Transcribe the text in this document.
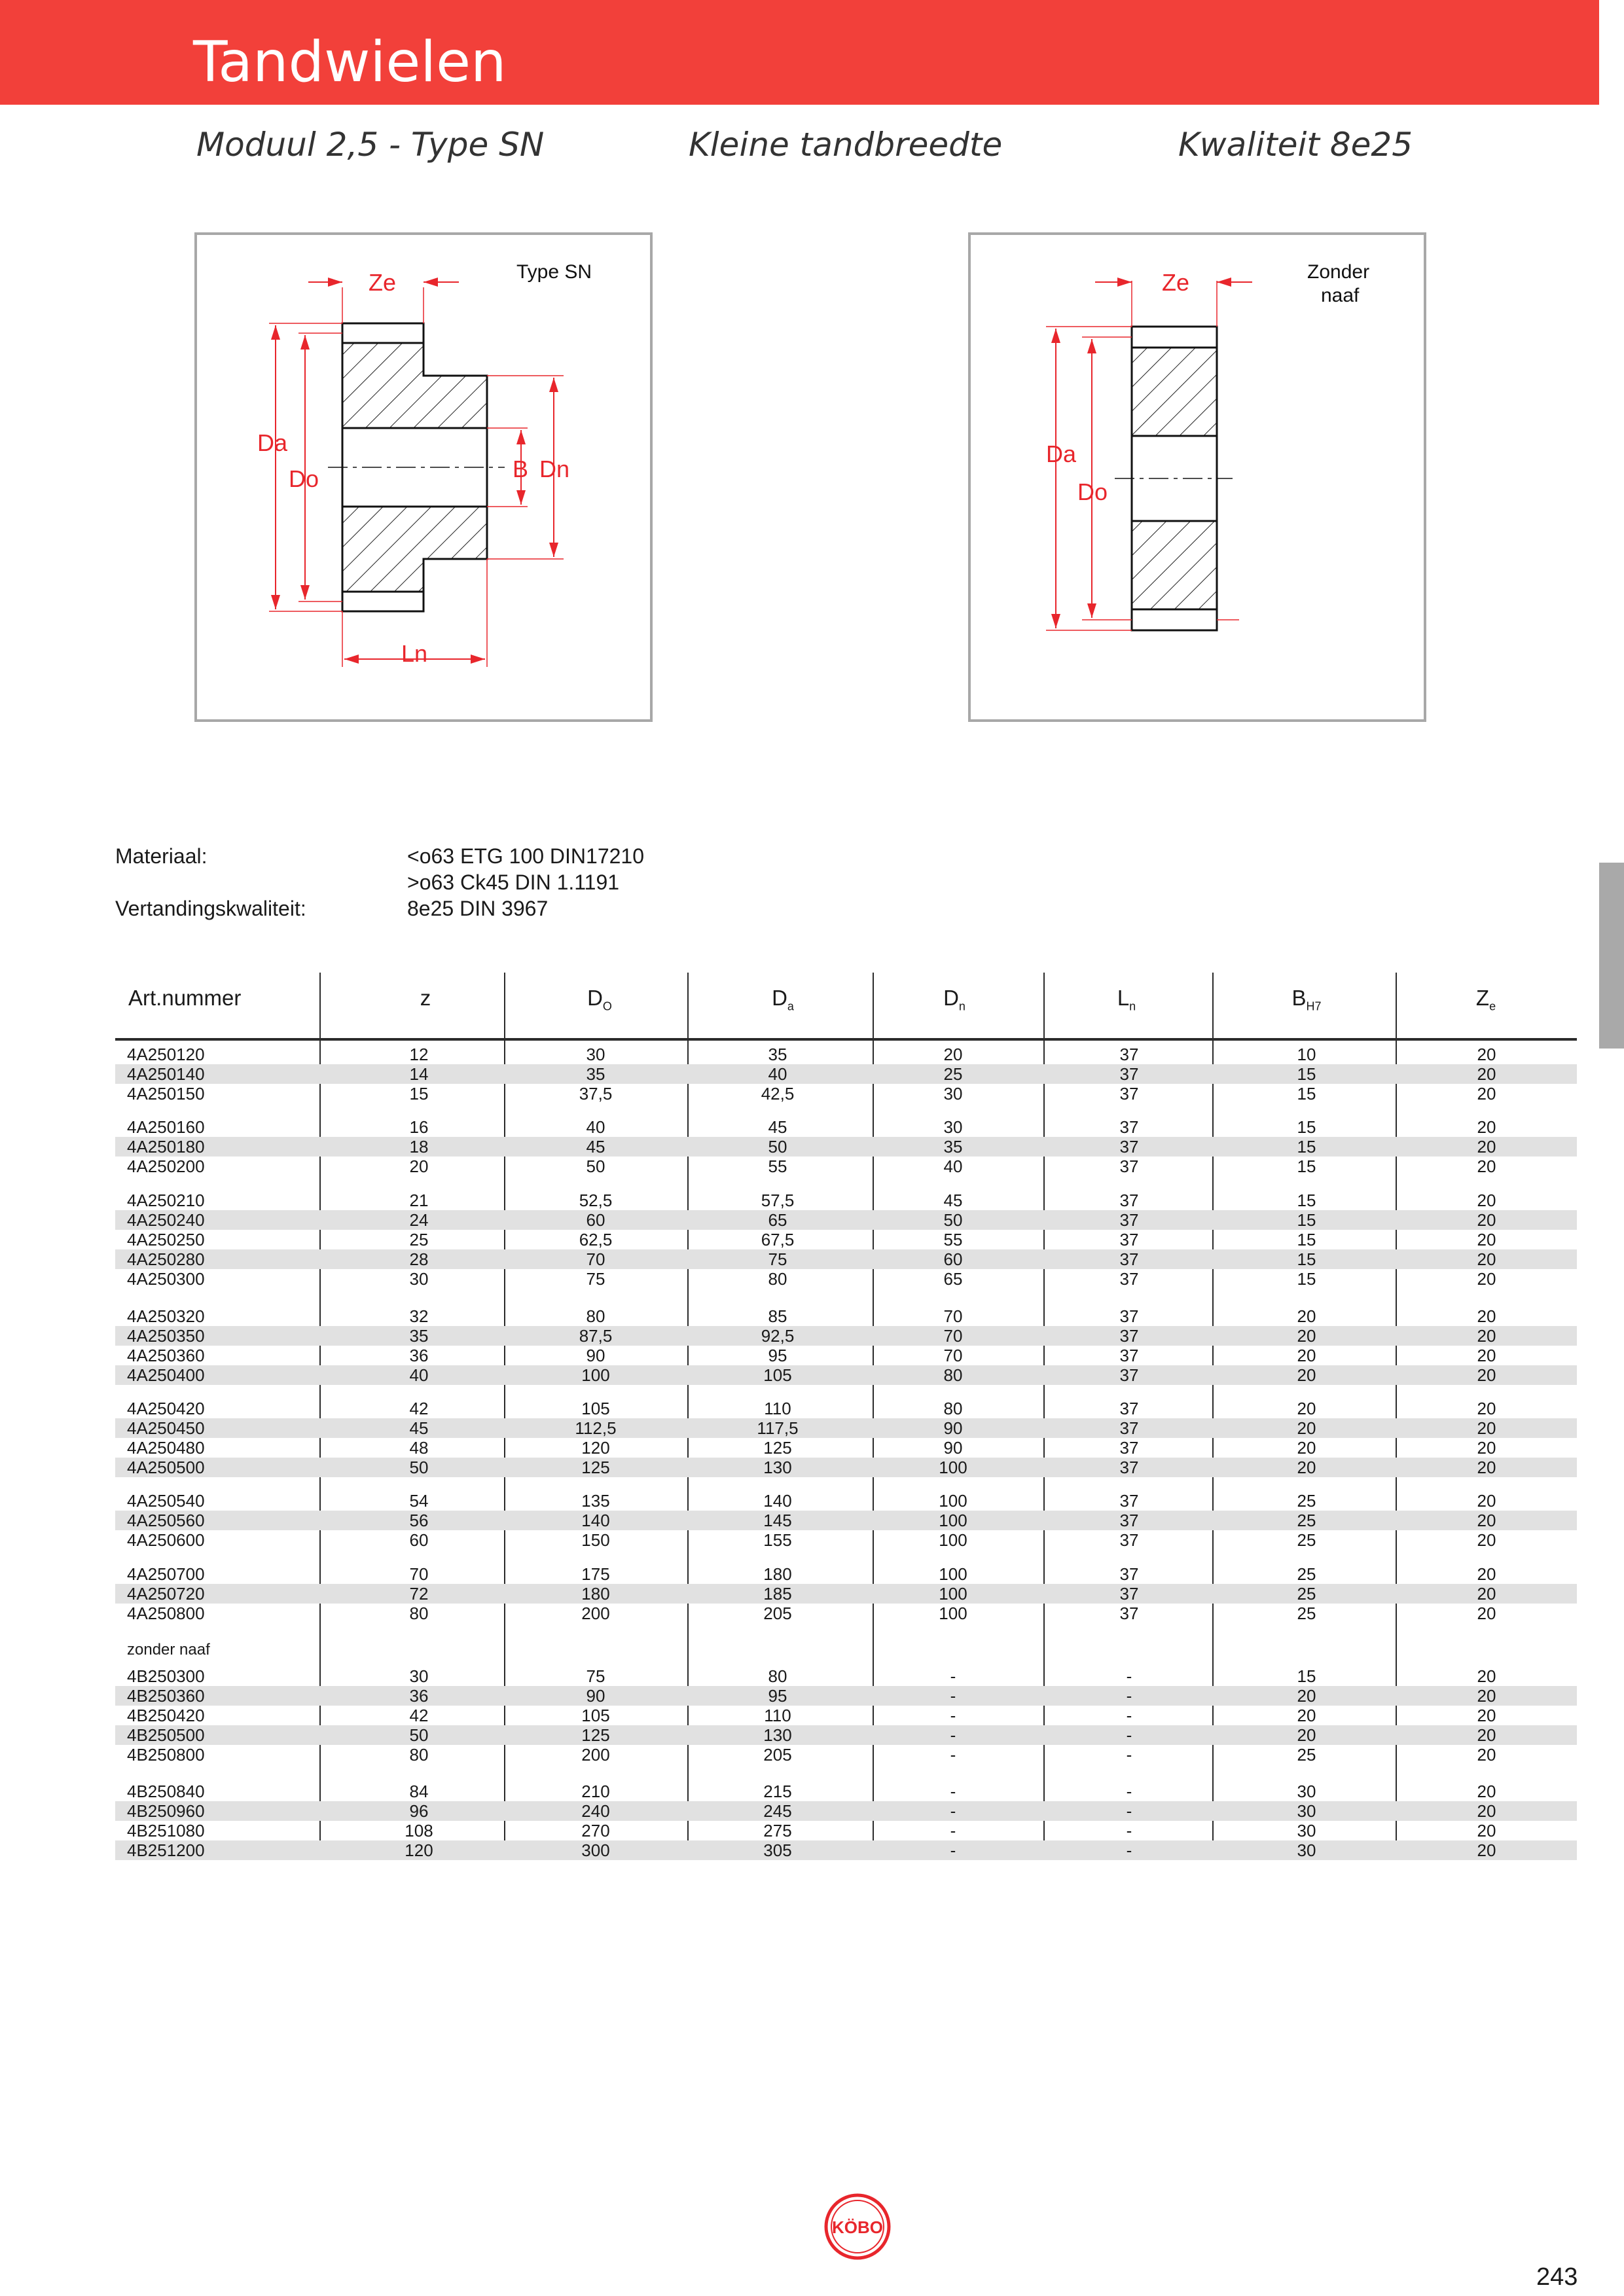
Tandwielen
Moduul 2,5 - Type SN	Kleine tandbreedte	Kwaliteit 8e25
Ze
Da
Do	B Dn
Ln
Type SN	Ze
Da
Do
Zonder
naaf
Materiaal:	<o63 ETG 100 DIN17210
>o63 Ck45 DIN 1.1191
Vertandingskwaliteit:	8e25 DIN 3967
Art.nummer	z	$D_O$	$D_a$	$D_n$	$L_n$	$B_{H7}$	$Z_e$
4A250120	12	30	35	20	37	10	20
4A250140	14	35	40	25	37	15	20
4A250150	15	37,5	42,5	30	37	15	20
4A250160	16	40	45	30	37	15	20
4A250180	18	45	50	35	37	15	20
4A250200	20	50	55	40	37	15	20
4A250210	21	52,5	57,5	45	37	15	20
4A250240	24	60	65	50	37	15	20
4A250250	25	62,5	67,5	55	37	15	20
4A250280	28	70	75	60	37	15	20
4A250300	30	75	80	65	37	15	20
4A250320	32	80	85	70	37	20	20
4A250350	35	87,5	92,5	70	37	20	20
4A250360	36	90	95	70	37	20	20
4A250400	40	100	105	80	37	20	20
4A250420	42	105	110	80	37	20	20
4A250450	45	112,5	117,5	90	37	20	20
4A250480	48	120	125	90	37	20	20
4A250500	50	125	130	100	37	20	20
4A250540	54	135	140	100	37	25	20
4A250560	56	140	145	100	37	25	20
4A250600	60	150	155	100	37	25	20
4A250700	70	175	180	100	37	25	20
4A250720	72	180	185	100	37	25	20
4A250800	80	200	205	100	37	25	20
4B250300	30	75	80	-	-	15	20
4B250360	36	90	95	-	-	20	20
4B250420	42	105	110	-	-	20	20
4B250500	50	125	130	-	-	20	20
4B250800	80	200	205	-	-	25	20
4B250840	84	210	215	-	-	30	20
4B250960	96	240	245	-	-	30	20
4B251080	108	270	275	-	-	30	20
4B251200	120	300	305	-	-	30	20
zonder naaf
KÖBO
243
